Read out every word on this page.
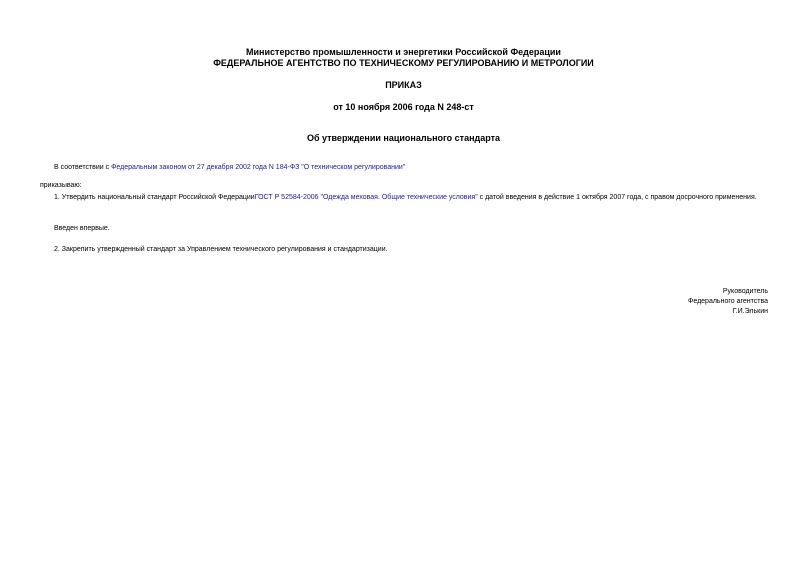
Министерство промышленности и энергетики Российской Федерации
ФЕДЕРАЛЬНОЕ АГЕНТСТВО ПО ТЕХНИЧЕСКОМУ РЕГУЛИРОВАНИЮ И МЕТРОЛОГИИ
ПРИКАЗ
от 10 ноября 2006 года N 248-ст
Об утверждении национального стандарта
В соответствии с Федеральным законом от 27 декабря 2002 года N 184-ФЗ "О техническом регулировании"
приказываю:
1. Утвердить национальный стандарт Российской ФедерацииГОСТ Р 52584-2006 "Одежда меховая. Общие технические условия" с датой введения в действие 1 октября 2007 года, с правом досрочного применения.
Введен впервые.
2. Закрепить утвержденный стандарт за Управлением технического регулирования и стандартизации.
Руководитель
Федерального агентства
Г.И.Элькин
